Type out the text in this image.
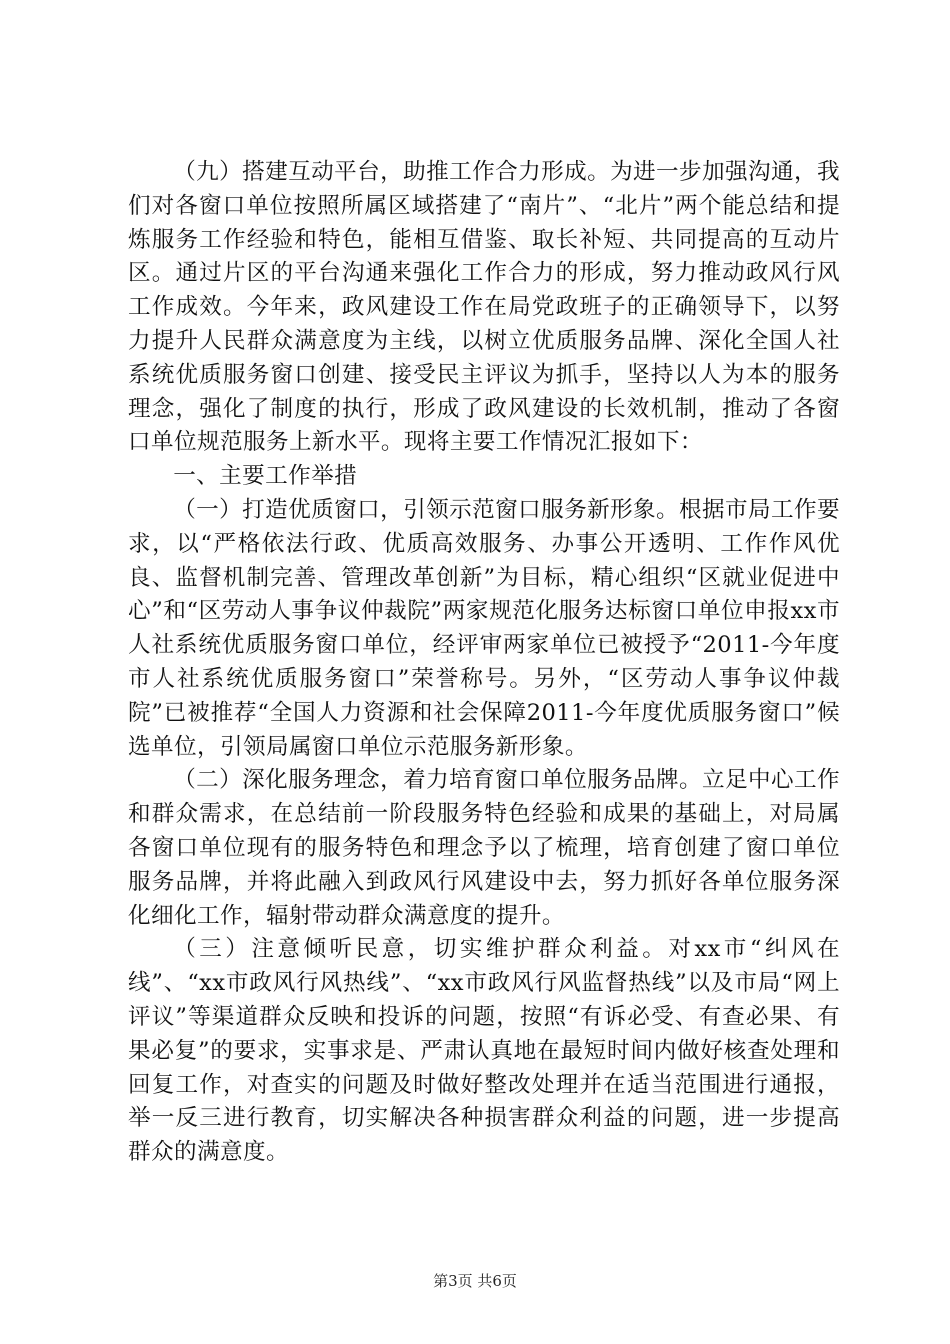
（九）搭建互动平台，助推工作合力形成。为进一步加强沟通，我们对各窗口单位按照所属区域搭建了“南片”、“北片”两个能总结和提炼服务工作经验和特色，能相互借鉴、取长补短、共同提高的互动片区。通过片区的平台沟通来强化工作合力的形成，努力推动政风行风工作成效。今年来，政风建设工作在局党政班子的正确领导下，以努力提升人民群众满意度为主线，以树立优质服务品牌、深化全国人社系统优质服务窗口创建、接受民主评议为抓手，坚持以人为本的服务理念，强化了制度的执行，形成了政风建设的长效机制，推动了各窗口单位规范服务上新水平。现将主要工作情况汇报如下：

一、主要工作举措

（一）打造优质窗口，引领示范窗口服务新形象。根据市局工作要求，以“严格依法行政、优质高效服务、办事公开透明、工作作风优良、监督机制完善、管理改革创新”为目标，精心组织“区就业促进中心”和“区劳动人事争议仲裁院”两家规范化服务达标窗口单位申报xx市人社系统优质服务窗口单位，经评审两家单位已被授予“2011-今年度市人社系统优质服务窗口”荣誉称号。另外，“区劳动人事争议仲裁院”已被推荐“全国人力资源和社会保障2011-今年度优质服务窗口”候选单位，引领局属窗口单位示范服务新形象。

（二）深化服务理念，着力培育窗口单位服务品牌。立足中心工作和群众需求，在总结前一阶段服务特色经验和成果的基础上，对局属各窗口单位现有的服务特色和理念予以了梳理，培育创建了窗口单位服务品牌，并将此融入到政风行风建设中去，努力抓好各单位服务深化细化工作，辐射带动群众满意度的提升。

（三）注意倾听民意，切实维护群众利益。对xx市“纠风在线”、“xx市政风行风热线”、“xx市政风行风监督热线”以及市局“网上评议”等渠道群众反映和投诉的问题，按照“有诉必受、有查必果、有果必复”的要求，实事求是、严肃认真地在最短时间内做好核查处理和回复工作，对查实的问题及时做好整改处理并在适当范围进行通报，举一反三进行教育，切实解决各种损害群众利益的问题，进一步提高群众的满意度。

第3页 共6页
